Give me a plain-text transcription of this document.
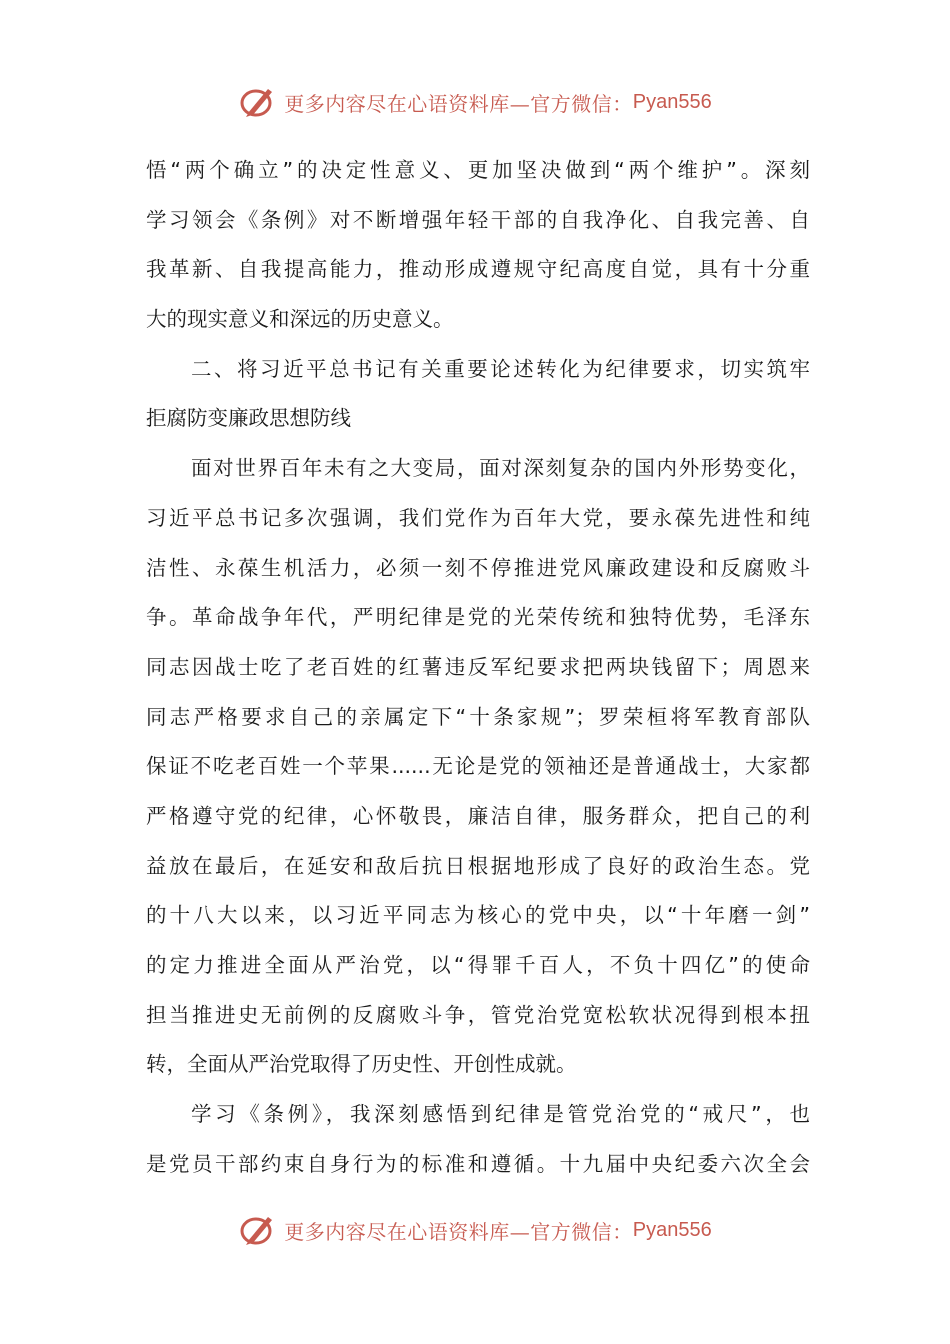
更多内容尽在心语资料库—官方微信： Pyan556
悟“两个确立”的决定性意义、更加坚决做到“两个维护”。深刻
学习领会《条例》对不断增强年轻干部的自我净化、自我完善、自
我革新、自我提高能力，推动形成遵规守纪高度自觉，具有十分重
大的现实意义和深远的历史意义。
二、将习近平总书记有关重要论述转化为纪律要求，切实筑牢
拒腐防变廉政思想防线
面对世界百年未有之大变局，面对深刻复杂的国内外形势变化，
习近平总书记多次强调，我们党作为百年大党，要永葆先进性和纯
洁性、永葆生机活力，必须一刻不停推进党风廉政建设和反腐败斗
争。革命战争年代，严明纪律是党的光荣传统和独特优势，毛泽东
同志因战士吃了老百姓的红薯违反军纪要求把两块钱留下；周恩来
同志严格要求自己的亲属定下“十条家规”；罗荣桓将军教育部队
保证不吃老百姓一个苹果......无论是党的领袖还是普通战士，大家都
严格遵守党的纪律，心怀敬畏，廉洁自律，服务群众，把自己的利
益放在最后，在延安和敌后抗日根据地形成了良好的政治生态。党
的十八大以来，以习近平同志为核心的党中央，以“十年磨一剑”
的定力推进全面从严治党，以“得罪千百人，不负十四亿”的使命
担当推进史无前例的反腐败斗争，管党治党宽松软状况得到根本扭
转，全面从严治党取得了历史性、开创性成就。
学习《条例》，我深刻感悟到纪律是管党治党的“戒尺”，也
是党员干部约束自身行为的标准和遵循。十九届中央纪委六次全会
更多内容尽在心语资料库—官方微信： Pyan556
